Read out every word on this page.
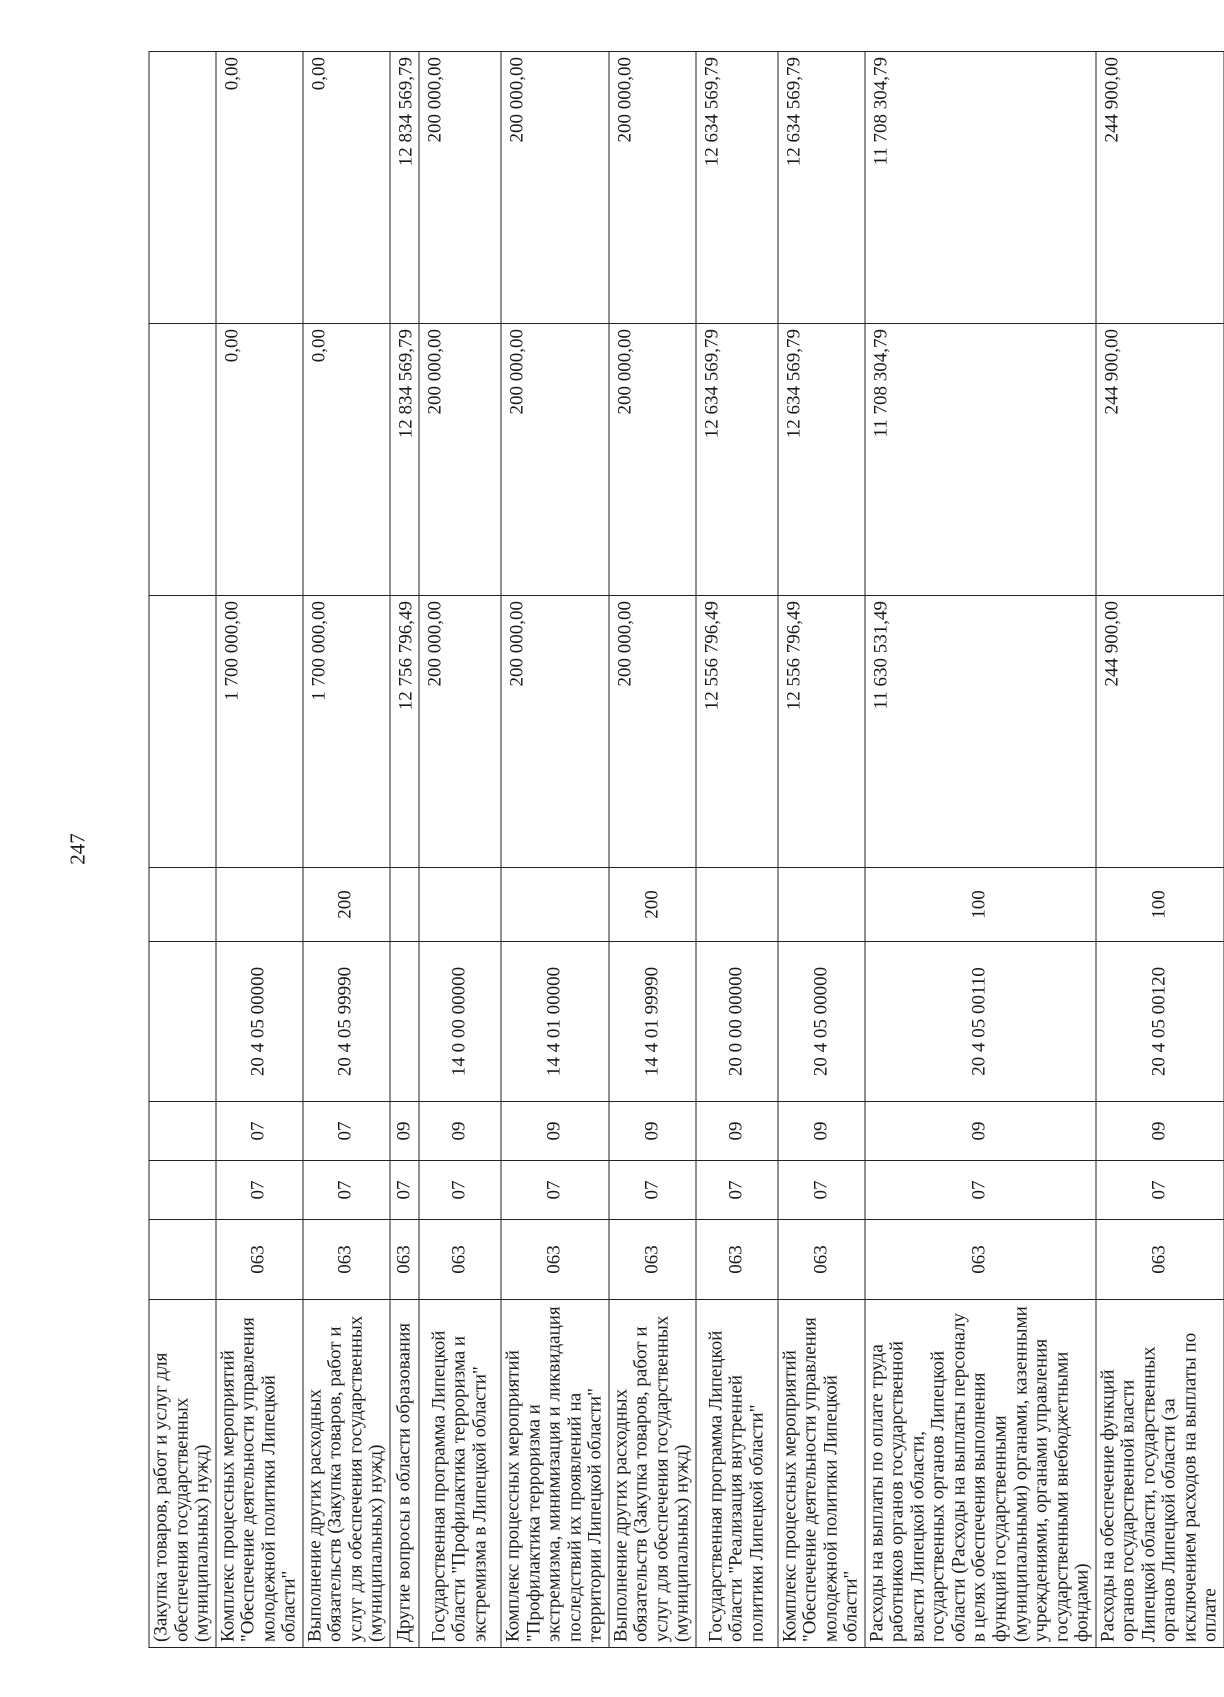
247
(Закупка товаров, работ и услуг для обеспечения государственных (муниципальных) нужд)								
Комплекс процессных мероприятий "Обеспечение деятельности управления молодежной политики Липецкой области"	063	07	07	20 4 05 00000		1 700 000,00	0,00	0,00
Выполнение других расходных обязательств (Закупка товаров, работ и услуг для обеспечения государственных (муниципальных) нужд)	063	07	07	20 4 05 99990	200	1 700 000,00	0,00	0,00
Другие вопросы в области образования	063	07	09			12 756 796,49	12 834 569,79	12 834 569,79
Государственная программа Липецкой области "Профилактика терроризма и экстремизма в Липецкой области"	063	07	09	14 0 00 00000		200 000,00	200 000,00	200 000,00
Комплекс процессных мероприятий "Профилактика терроризма и экстремизма, минимизация и ликвидация последствий их проявлений на территории Липецкой области"	063	07	09	14 4 01 00000		200 000,00	200 000,00	200 000,00
Выполнение других расходных обязательств (Закупка товаров, работ и услуг для обеспечения государственных (муниципальных) нужд)	063	07	09	14 4 01 99990	200	200 000,00	200 000,00	200 000,00
Государственная программа Липецкой области "Реализация внутренней политики Липецкой области"	063	07	09	20 0 00 00000		12 556 796,49	12 634 569,79	12 634 569,79
Комплекс процессных мероприятий "Обеспечение деятельности управления молодежной политики Липецкой области"	063	07	09	20 4 05 00000		12 556 796,49	12 634 569,79	12 634 569,79
Расходы на выплаты по оплате труда работников органов государственной власти Липецкой области, государственных органов Липецкой области (Расходы на выплаты персоналу в целях обеспечения выполнения функций государственными (муниципальными) органами, казенными учреждениями, органами управления государственными внебюджетными фондами)	063	07	09	20 4 05 00110	100	11 630 531,49	11 708 304,79	11 708 304,79
Расходы на обеспечение функций органов государственной власти Липецкой области, государственных органов Липецкой области (за исключением расходов на выплаты по оплате	063	07	09	20 4 05 00120	100	244 900,00	244 900,00	244 900,00
